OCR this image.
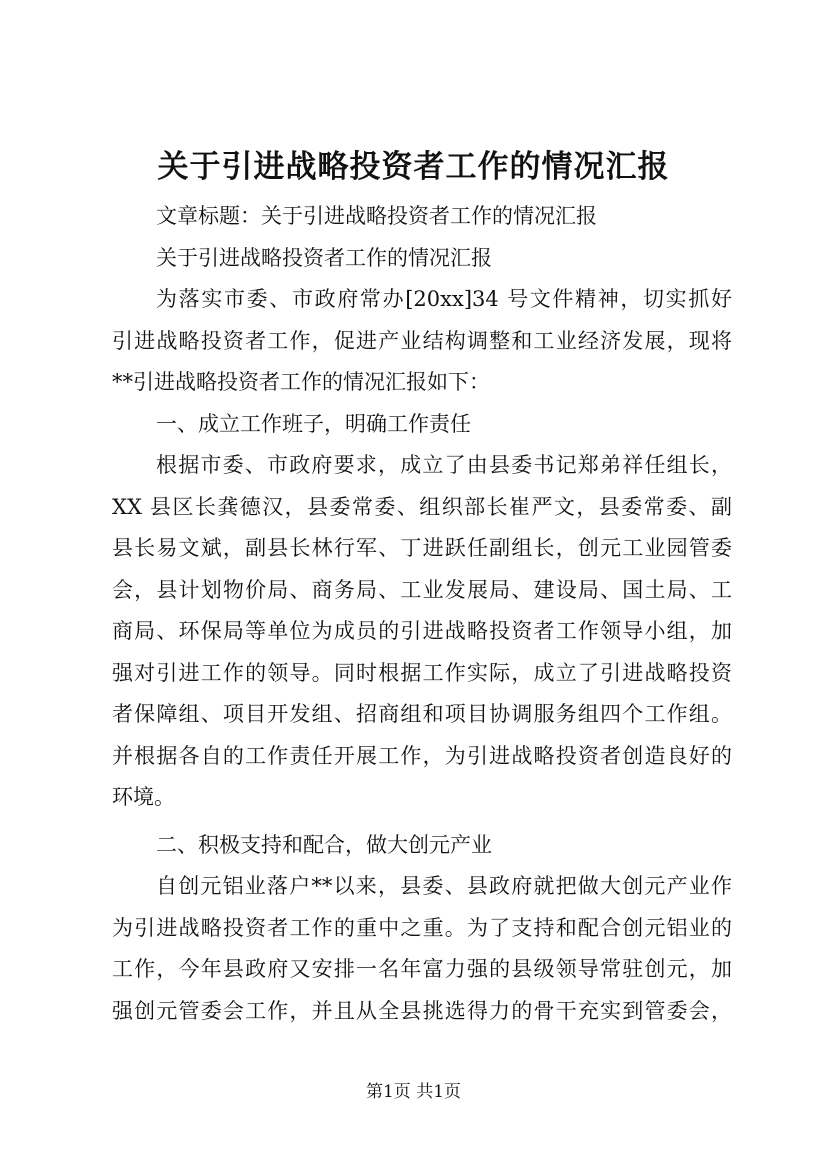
关于引进战略投资者工作的情况汇报
文章标题：关于引进战略投资者工作的情况汇报
关于引进战略投资者工作的情况汇报
为落实市委、市政府常办[20xx]34 号文件精神，切实抓好
引进战略投资者工作，促进产业结构调整和工业经济发展，现将
**引进战略投资者工作的情况汇报如下：
一、成立工作班子，明确工作责任
根据市委、市政府要求，成立了由县委书记郑弟祥任组长，
XX 县区长龚德汉，县委常委、组织部长崔严文，县委常委、副
县长易文斌，副县长林行军、丁进跃任副组长，创元工业园管委
会，县计划物价局、商务局、工业发展局、建设局、国土局、工
商局、环保局等单位为成员的引进战略投资者工作领导小组，加
强对引进工作的领导。同时根据工作实际，成立了引进战略投资
者保障组、项目开发组、招商组和项目协调服务组四个工作组。
并根据各自的工作责任开展工作，为引进战略投资者创造良好的
环境。
二、积极支持和配合，做大创元产业
自创元铝业落户**以来，县委、县政府就把做大创元产业作
为引进战略投资者工作的重中之重。为了支持和配合创元铝业的
工作，今年县政府又安排一名年富力强的县级领导常驻创元，加
强创元管委会工作，并且从全县挑选得力的骨干充实到管委会，
第1页 共1页
